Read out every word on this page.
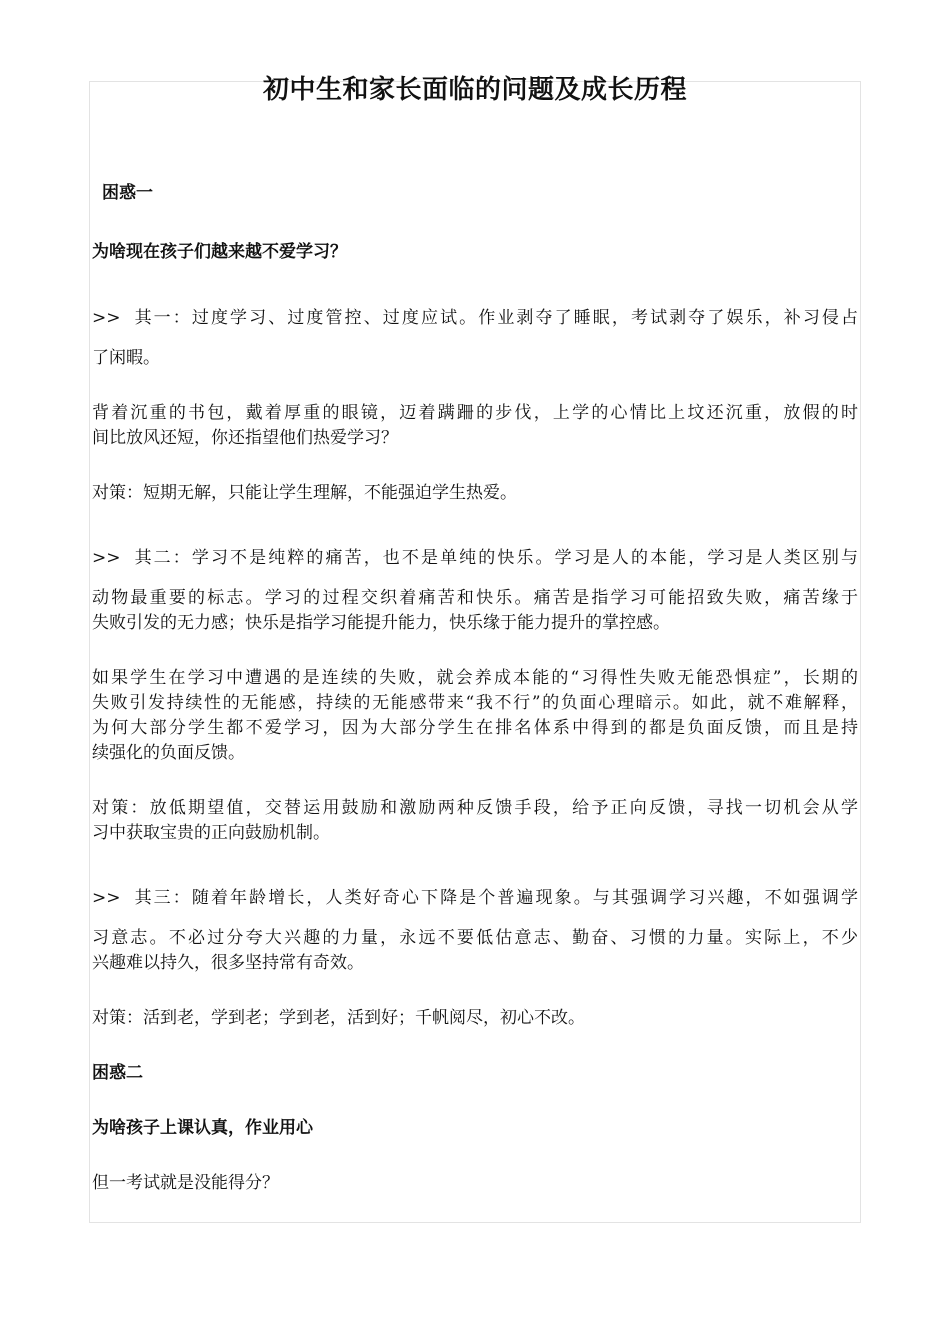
初中生和家长面临的问题及成长历程
困惑一
为啥现在孩子们越来越不爱学习？
>> 其一：过度学习、过度管控、过度应试。作业剥夺了睡眠，考试剥夺了娱乐，补习侵占
了闲暇。
背着沉重的书包，戴着厚重的眼镜，迈着蹒跚的步伐，上学的心情比上坟还沉重，放假的时
间比放风还短，你还指望他们热爱学习？
对策：短期无解，只能让学生理解，不能强迫学生热爱。
>> 其二：学习不是纯粹的痛苦，也不是单纯的快乐。学习是人的本能，学习是人类区别与
动物最重要的标志。学习的过程交织着痛苦和快乐。痛苦是指学习可能招致失败，痛苦缘于
失败引发的无力感；快乐是指学习能提升能力，快乐缘于能力提升的掌控感。
如果学生在学习中遭遇的是连续的失败，就会养成本能的“习得性失败无能恐惧症”，长期的
失败引发持续性的无能感，持续的无能感带来“我不行”的负面心理暗示。如此，就不难解释，
为何大部分学生都不爱学习，因为大部分学生在排名体系中得到的都是负面反馈，而且是持
续强化的负面反馈。
对策：放低期望值，交替运用鼓励和激励两种反馈手段，给予正向反馈，寻找一切机会从学
习中获取宝贵的正向鼓励机制。
>> 其三：随着年龄增长，人类好奇心下降是个普遍现象。与其强调学习兴趣，不如强调学
习意志。不必过分夸大兴趣的力量，永远不要低估意志、勤奋、习惯的力量。实际上，不少
兴趣难以持久，很多坚持常有奇效。
对策：活到老，学到老；学到老，活到好；千帆阅尽，初心不改。
困惑二
为啥孩子上课认真，作业用心
但一考试就是没能得分？
